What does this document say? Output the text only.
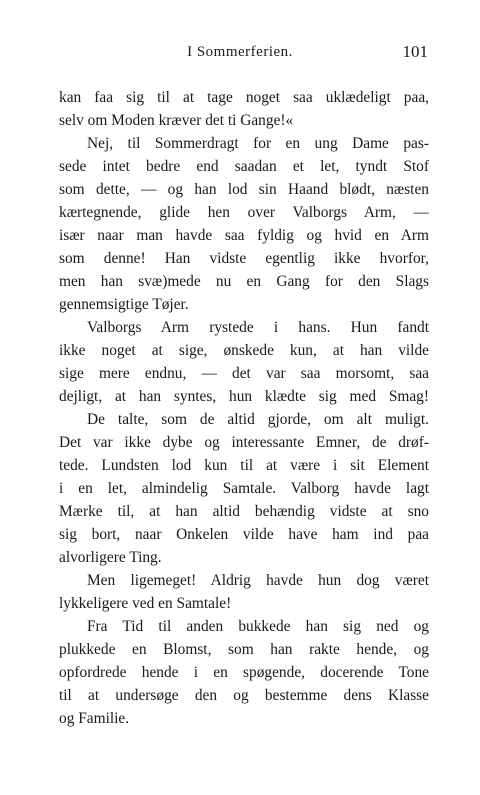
I Sommerferien.	101
kan faa sig til at tage noget saa uklædeligt paa,
selv om Moden kræver det ti Gange!«
Nej, til Sommerdragt for en ung Dame pas-
sede intet bedre end saadan et let, tyndt Stof
som dette, — og han lod sin Haand blødt, næsten
kærtegnende, glide hen over Valborgs Arm, —
især naar man havde saa fyldig og hvid en Arm
som denne! Han vidste egentlig ikke hvorfor,
men han svæ)mede nu en Gang for den Slags
gennemsigtige Tøjer.
Valborgs Arm rystede i hans. Hun fandt
ikke noget at sige, ønskede kun, at han vilde
sige mere endnu, — det var saa morsomt, saa
dejligt, at han syntes, hun klædte sig med Smag!
De talte, som de altid gjorde, om alt muligt.
Det var ikke dybe og interessante Emner, de drøf-
tede. Lundsten lod kun til at være i sit Element
i en let, almindelig Samtale. Valborg havde lagt
Mærke til, at han altid behændig vidste at sno
sig bort, naar Onkelen vilde have ham ind paa
alvorligere Ting.
Men ligemeget! Aldrig havde hun dog været
lykkeligere ved en Samtale!
Fra Tid til anden bukkede han sig ned og
plukkede en Blomst, som han rakte hende, og
opfordrede hende i en spøgende, docerende Tone
til at undersøge den og bestemme dens Klasse
og Familie.
